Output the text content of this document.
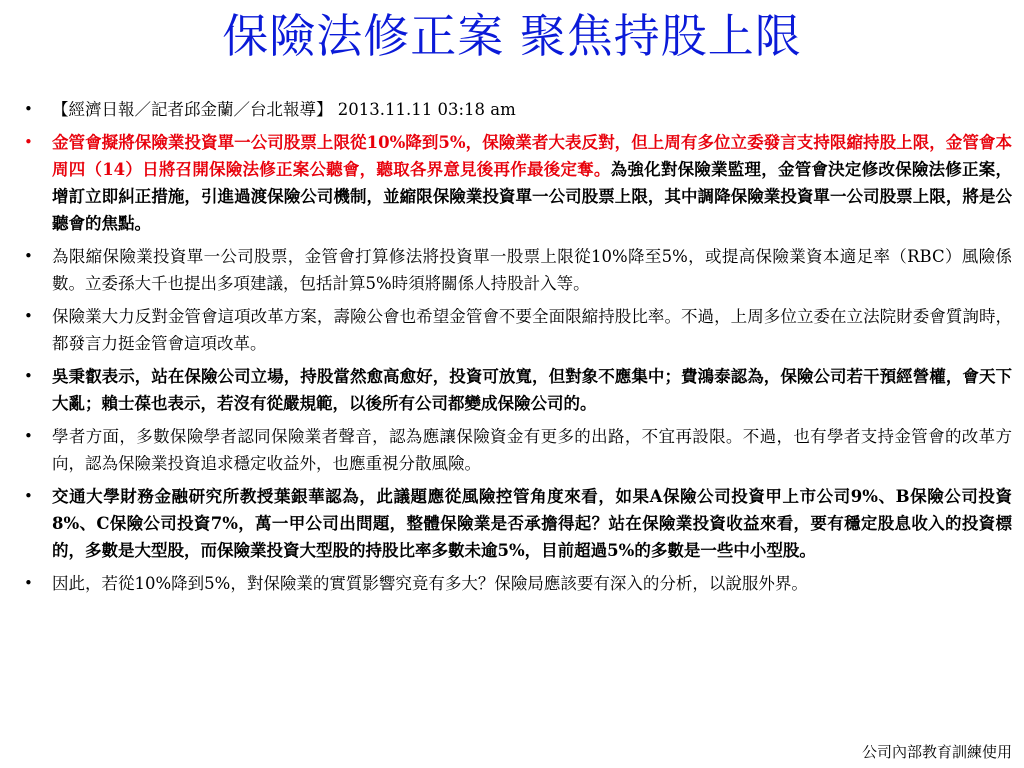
保險法修正案 聚焦持股上限
• 【經濟日報／記者邱金蘭／台北報導】 2013.11.11 03:18 am
• 金管會擬將保險業投資單一公司股票上限從10%降到5%，保險業者大表反對，但上周有多位立委發言支持限縮持股上限，金管會本周四（14）日將召開保險法修正案公聽會，聽取各界意見後再作最後定奪。為強化對保險業監理，金管會決定修改保險法修正案，增訂立即糾正措施，引進過渡保險公司機制，並縮限保險業投資單一公司股票上限，其中調降保險業投資單一公司股票上限，將是公聽會的焦點。
• 為限縮保險業投資單一公司股票，金管會打算修法將投資單一股票上限從10%降至5%，或提高保險業資本適足率（RBC）風險係數。立委孫大千也提出多項建議，包括計算5%時須將關係人持股計入等。
• 保險業大力反對金管會這項改革方案，壽險公會也希望金管會不要全面限縮持股比率。不過，上周多位立委在立法院財委會質詢時，都發言力挺金管會這項改革。
• 吳秉叡表示，站在保險公司立場，持股當然愈高愈好，投資可放寬，但對象不應集中；費鴻泰認為，保險公司若干預經營權，會天下大亂；賴士葆也表示，若沒有從嚴規範，以後所有公司都變成保險公司的。
• 學者方面，多數保險學者認同保險業者聲音，認為應讓保險資金有更多的出路，不宜再設限。不過，也有學者支持金管會的改革方向，認為保險業投資追求穩定收益外，也應重視分散風險。
• 交通大學財務金融研究所教授葉銀華認為，此議題應從風險控管角度來看，如果A保險公司投資甲上市公司9%、B保險公司投資8%、C保險公司投資7%，萬一甲公司出問題，整體保險業是否承擔得起？站在保險業投資收益來看，要有穩定股息收入的投資標的，多數是大型股，而保險業投資大型股的持股比率多數未逾5%，目前超過5%的多數是一些中小型股。
• 因此，若從10%降到5%，對保險業的實質影響究竟有多大？保險局應該要有深入的分析，以說服外界。
公司內部教育訓練使用
